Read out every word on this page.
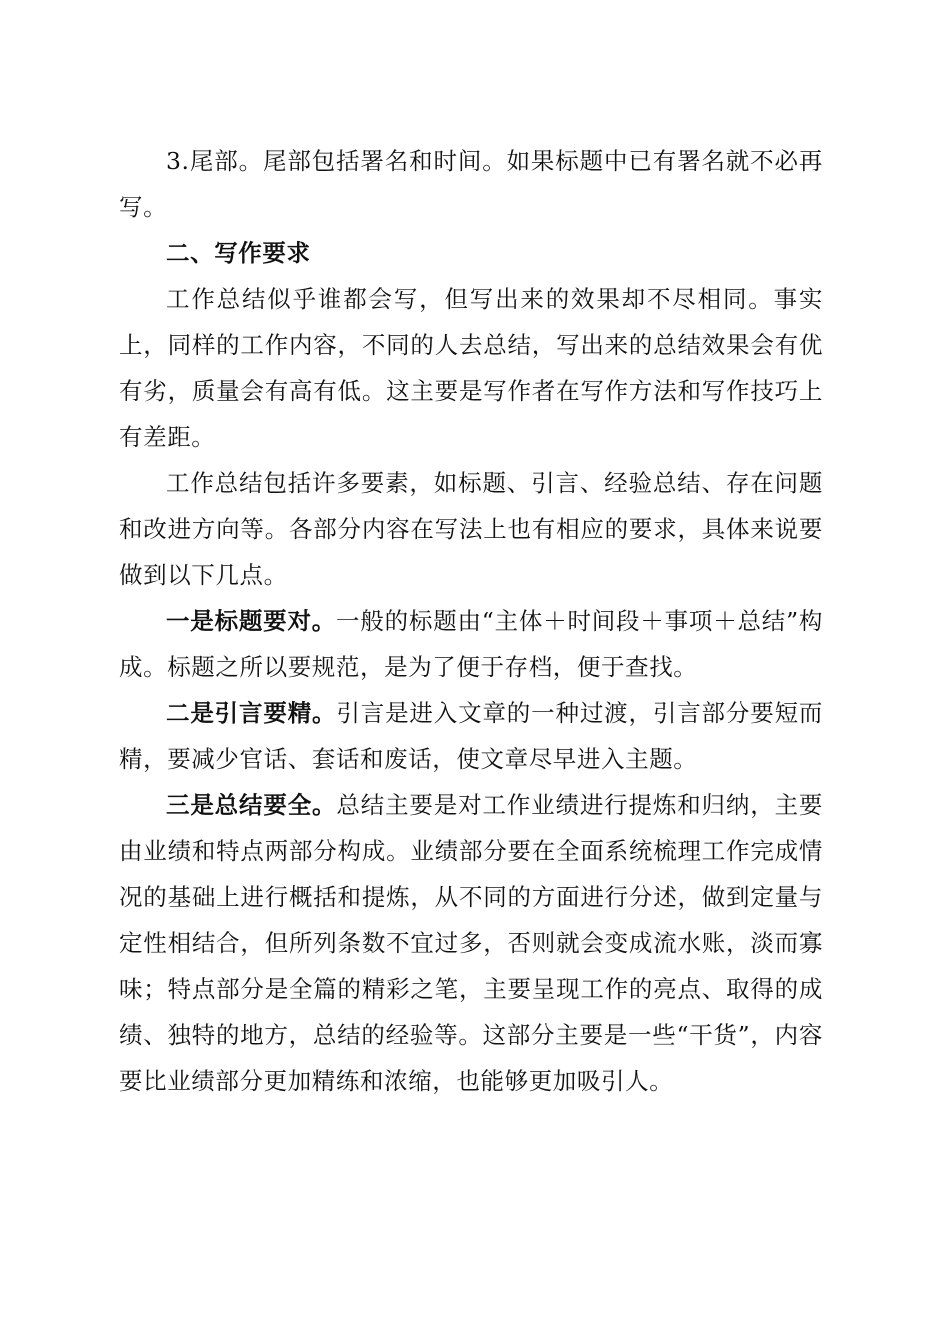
3.尾部。尾部包括署名和时间。如果标题中已有署名就不必再写。

二、写作要求

工作总结似乎谁都会写，但写出来的效果却不尽相同。事实上，同样的工作内容，不同的人去总结，写出来的总结效果会有优有劣，质量会有高有低。这主要是写作者在写作方法和写作技巧上有差距。

工作总结包括许多要素，如标题、引言、经验总结、存在问题和改进方向等。各部分内容在写法上也有相应的要求，具体来说要做到以下几点。

一是标题要对。一般的标题由“主体＋时间段＋事项＋总结”构成。标题之所以要规范，是为了便于存档，便于查找。

二是引言要精。引言是进入文章的一种过渡，引言部分要短而精，要减少官话、套话和废话，使文章尽早进入主题。

三是总结要全。总结主要是对工作业绩进行提炼和归纳，主要由业绩和特点两部分构成。业绩部分要在全面系统梳理工作完成情况的基础上进行概括和提炼，从不同的方面进行分述，做到定量与定性相结合，但所列条数不宜过多，否则就会变成流水账，淡而寡味；特点部分是全篇的精彩之笔，主要呈现工作的亮点、取得的成绩、独特的地方，总结的经验等。这部分主要是一些“干货”，内容要比业绩部分更加精练和浓缩，也能够更加吸引人。
